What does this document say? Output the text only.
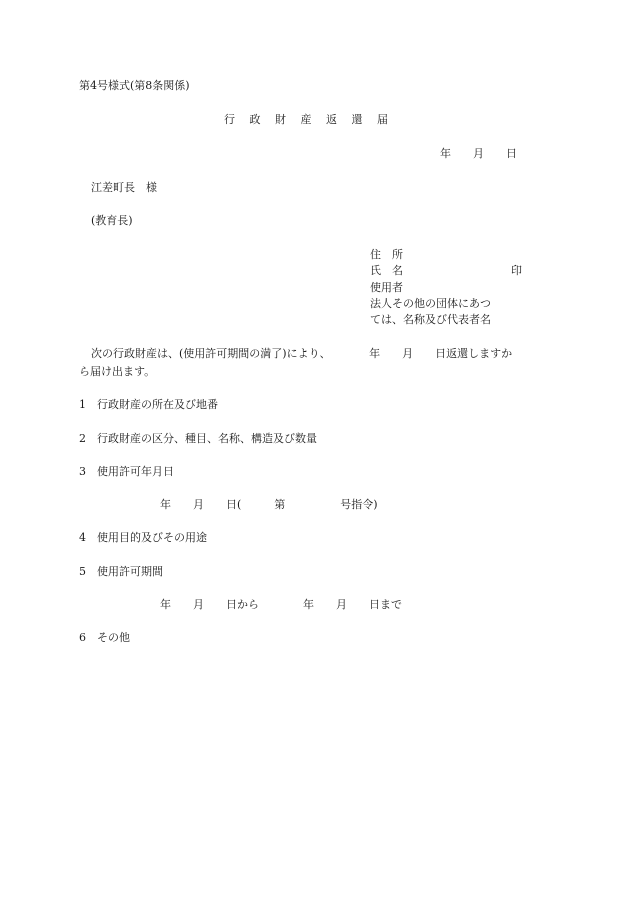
第4号様式(第8条関係)
行　 政　 財　 産　 返　 還　 届
年　　月　　日
江差町長　様
(教育長)
住　所
氏　名	印
使用者
法人その他の団体にあつ
ては、名称及び代表者名
次の行政財産は、(使用許可期間の満了)により、　　　　年　　月　　日返還しますか
ら届け出ます。
1　行政財産の所在及び地番
2　行政財産の区分、種目、名称、構造及び数量
3　使用許可年月日
年　　月　　日(　　　第　　　　　号指令)
4　使用目的及びその用途
5　使用許可期間
年　　月　　日から　　　　年　　月　　日まで
6　その他
